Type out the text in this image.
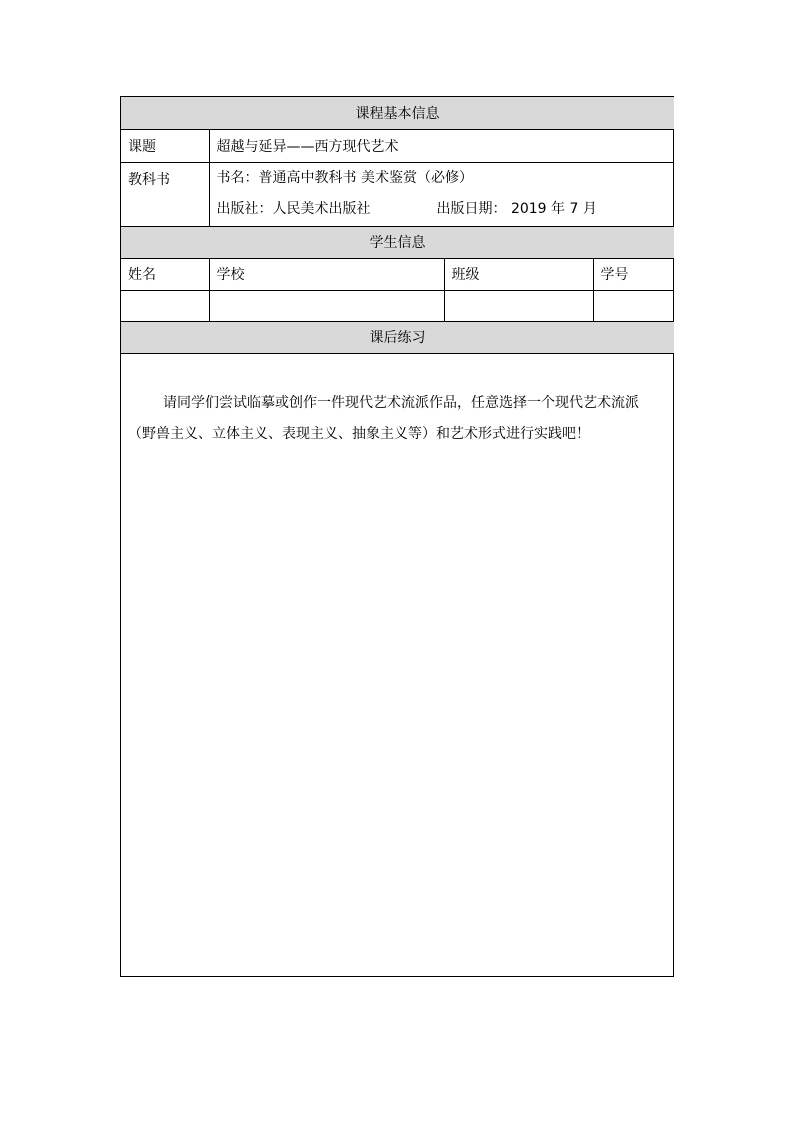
课程基本信息			
课题	超越与延异——西方现代艺术		
教科书	书名：普通高中教科书 美术鉴赏（必修）
出版社：人民美术出版社 出版日期： 2019 年 7 月		

学生信息			
姓名	学校	班级	学号

课后练习			
请同学们尝试临摹或创作一件现代艺术流派作品，任意选择一个现代艺术流派（野兽主义、立体主义、表现主义、抽象主义等）和艺术形式进行实践吧！
